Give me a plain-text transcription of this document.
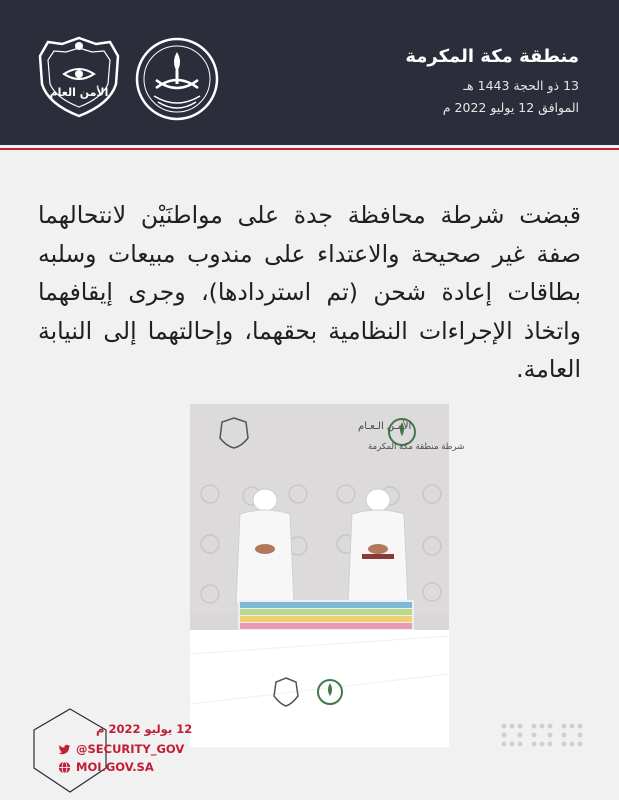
الأمن العام
منطقة مكة المكرمة
13 ذو الحجة 1443 هـ
الموافق 12 يوليو 2022 م
قبضت شرطة محافظة جدة على مواطنَيْن لانتحالهما صفة غير صحيحة والاعتداء على مندوب مبيعات وسلبه بطاقات إعادة شحن (تم استردادها)، وجرى إيقافهما واتخاذ الإجراءات النظامية بحقهما، وإحالتهما إلى النيابة العامة.
الأمـن الـعـام
شرطة منطقة مكة المكرمة
12 يوليو 2022 م
@SECURITY_GOV
MOI.GOV.SA
